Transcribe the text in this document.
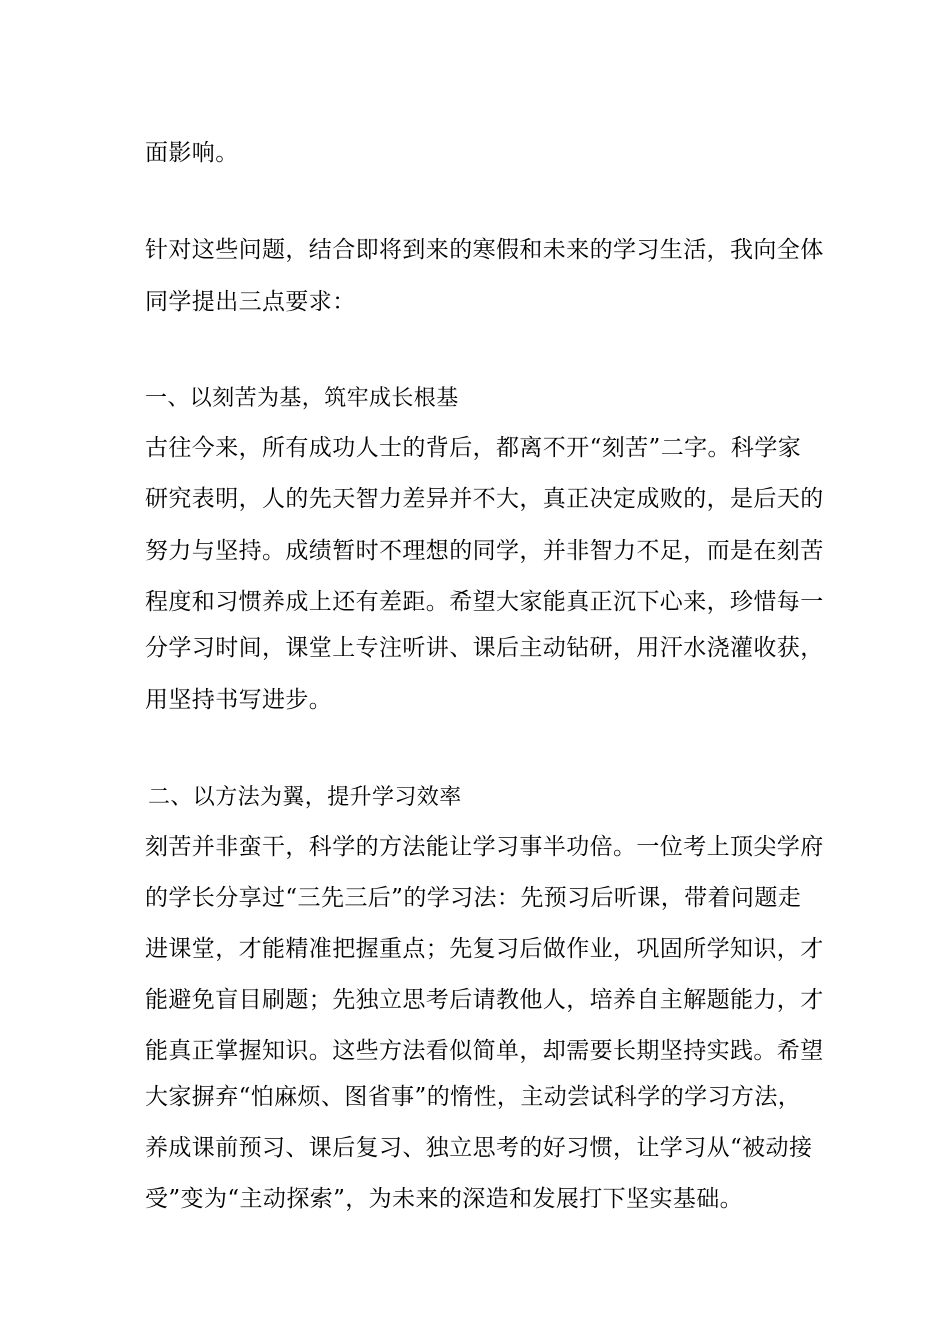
面影响。
针对这些问题，结合即将到来的寒假和未来的学习生活，我向全体
同学提出三点要求：
一、以刻苦为基，筑牢成长根基
古往今来，所有成功人士的背后，都离不开“刻苦”二字。科学家
研究表明，人的先天智力差异并不大，真正决定成败的，是后天的
努力与坚持。成绩暂时不理想的同学，并非智力不足，而是在刻苦
程度和习惯养成上还有差距。希望大家能真正沉下心来，珍惜每一
分学习时间，课堂上专注听讲、课后主动钻研，用汗水浇灌收获，
用坚持书写进步。
二、以方法为翼，提升学习效率
刻苦并非蛮干，科学的方法能让学习事半功倍。一位考上顶尖学府
的学长分享过“三先三后”的学习法：先预习后听课，带着问题走
进课堂，才能精准把握重点；先复习后做作业，巩固所学知识，才
能避免盲目刷题；先独立思考后请教他人，培养自主解题能力，才
能真正掌握知识。这些方法看似简单，却需要长期坚持实践。希望
大家摒弃“怕麻烦、图省事”的惰性，主动尝试科学的学习方法，
养成课前预习、课后复习、独立思考的好习惯，让学习从“被动接
受”变为“主动探索”，为未来的深造和发展打下坚实基础。
